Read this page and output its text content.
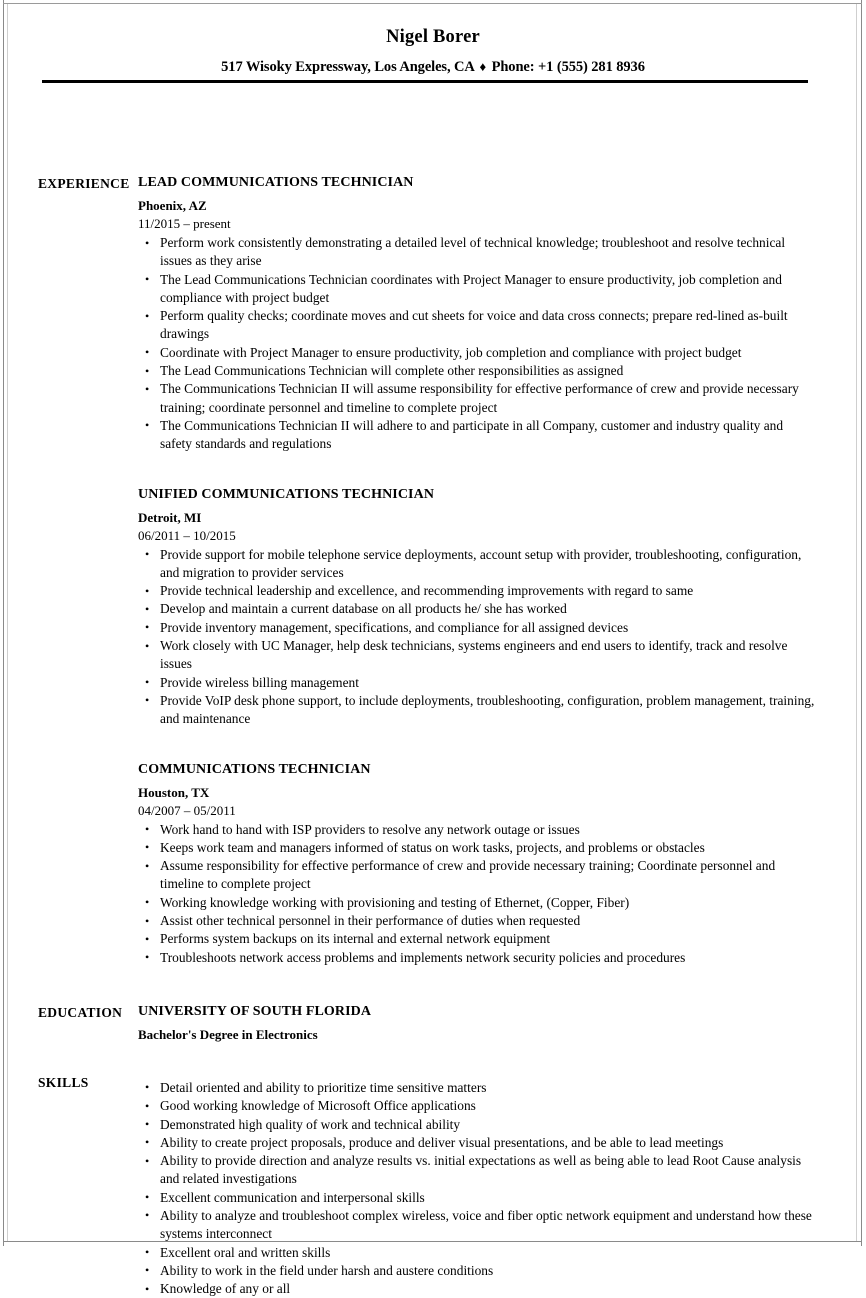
Nigel Borer
517 Wisoky Expressway, Los Angeles, CA ♦ Phone: +1 (555) 281 8936
EXPERIENCE LEAD COMMUNICATIONS TECHNICIAN
Phoenix, AZ
11/2015 – present
• Perform work consistently demonstrating a detailed level of technical knowledge; troubleshoot and resolve technical issues as they arise
• The Lead Communications Technician coordinates with Project Manager to ensure productivity, job completion and compliance with project budget
• Perform quality checks; coordinate moves and cut sheets for voice and data cross connects; prepare red-lined as-built drawings
• Coordinate with Project Manager to ensure productivity, job completion and compliance with project budget
• The Lead Communications Technician will complete other responsibilities as assigned
• The Communications Technician II will assume responsibility for effective performance of crew and provide necessary training; coordinate personnel and timeline to complete project
• The Communications Technician II will adhere to and participate in all Company, customer and industry quality and safety standards and regulations
UNIFIED COMMUNICATIONS TECHNICIAN
Detroit, MI
06/2011 – 10/2015
• Provide support for mobile telephone service deployments, account setup with provider, troubleshooting, configuration, and migration to provider services
• Provide technical leadership and excellence, and recommending improvements with regard to same
• Develop and maintain a current database on all products he/ she has worked
• Provide inventory management, specifications, and compliance for all assigned devices
• Work closely with UC Manager, help desk technicians, systems engineers and end users to identify, track and resolve issues
• Provide wireless billing management
• Provide VoIP desk phone support, to include deployments, troubleshooting, configuration, problem management, training, and maintenance
COMMUNICATIONS TECHNICIAN
Houston, TX
04/2007 – 05/2011
• Work hand to hand with ISP providers to resolve any network outage or issues
• Keeps work team and managers informed of status on work tasks, projects, and problems or obstacles
• Assume responsibility for effective performance of crew and provide necessary training; Coordinate personnel and timeline to complete project
• Working knowledge working with provisioning and testing of Ethernet, (Copper, Fiber)
• Assist other technical personnel in their performance of duties when requested
• Performs system backups on its internal and external network equipment
• Troubleshoots network access problems and implements network security policies and procedures
EDUCATION	UNIVERSITY OF SOUTH FLORIDA
Bachelor's Degree in Electronics
SKILLS	• Detail oriented and ability to prioritize time sensitive matters
• Good working knowledge of Microsoft Office applications
• Demonstrated high quality of work and technical ability
• Ability to create project proposals, produce and deliver visual presentations, and be able to lead meetings
• Ability to provide direction and analyze results vs. initial expectations as well as being able to lead Root Cause analysis and related investigations
• Excellent communication and interpersonal skills
• Ability to analyze and troubleshoot complex wireless, voice and fiber optic network equipment and understand how these systems interconnect
• Excellent oral and written skills
• Ability to work in the field under harsh and austere conditions
• Knowledge of any or all
